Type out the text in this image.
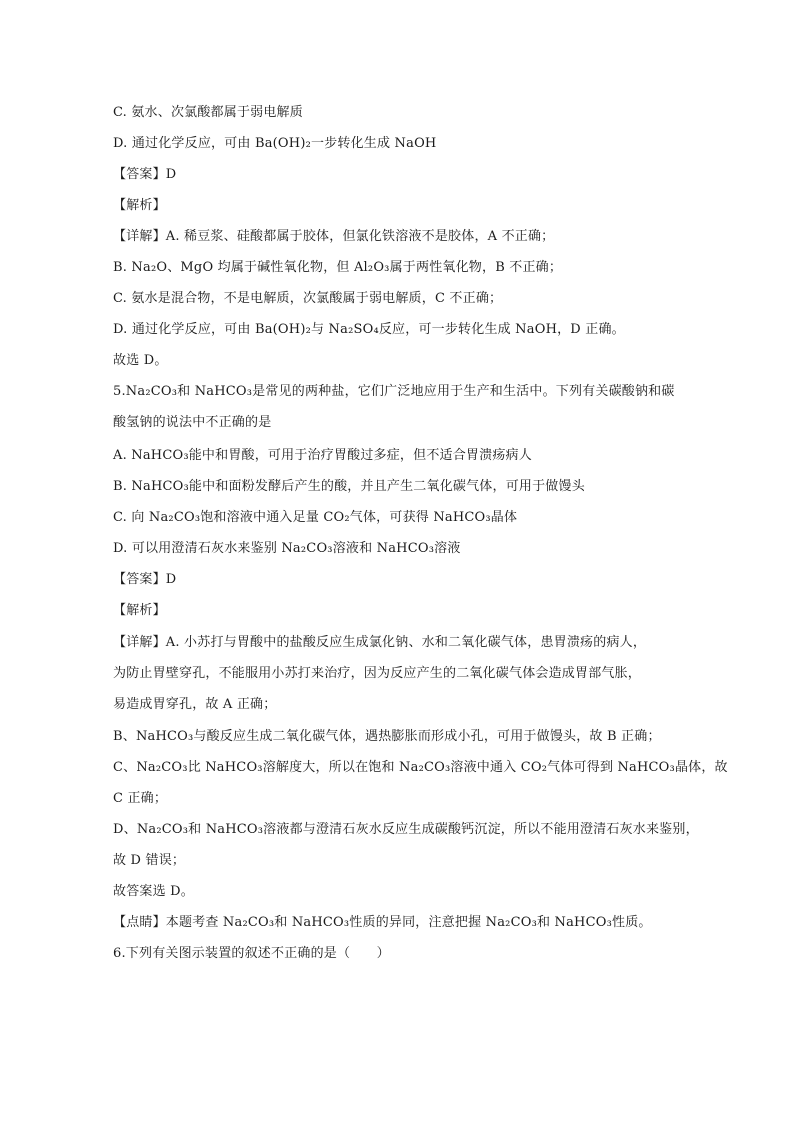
C. 氨水、次氯酸都属于弱电解质
D. 通过化学反应，可由 Ba(OH)₂一步转化生成 NaOH
【答案】D
【解析】
【详解】A. 稀豆浆、硅酸都属于胶体，但氯化铁溶液不是胶体，A 不正确；
B. Na₂O、MgO 均属于碱性氧化物，但 Al₂O₃属于两性氧化物，B 不正确；
C. 氨水是混合物，不是电解质，次氯酸属于弱电解质，C 不正确；
D. 通过化学反应，可由 Ba(OH)₂与 Na₂SO₄反应，可一步转化生成 NaOH，D 正确。
故选 D。
5.Na₂CO₃和 NaHCO₃是常见的两种盐，它们广泛地应用于生产和生活中。下列有关碳酸钠和碳
酸氢钠的说法中不正确的是
A. NaHCO₃能中和胃酸，可用于治疗胃酸过多症，但不适合胃溃疡病人
B. NaHCO₃能中和面粉发酵后产生的酸，并且产生二氧化碳气体，可用于做馒头
C. 向 Na₂CO₃饱和溶液中通入足量 CO₂气体，可获得 NaHCO₃晶体
D. 可以用澄清石灰水来鉴别 Na₂CO₃溶液和 NaHCO₃溶液
【答案】D
【解析】
【详解】A. 小苏打与胃酸中的盐酸反应生成氯化钠、水和二氧化碳气体，患胃溃疡的病人，
为防止胃壁穿孔，不能服用小苏打来治疗，因为反应产生的二氧化碳气体会造成胃部气胀，
易造成胃穿孔，故 A 正确；
B、NaHCO₃与酸反应生成二氧化碳气体，遇热膨胀而形成小孔，可用于做馒头，故 B 正确；
C、Na₂CO₃比 NaHCO₃溶解度大，所以在饱和 Na₂CO₃溶液中通入 CO₂气体可得到 NaHCO₃晶体，故
C 正确；
D、Na₂CO₃和 NaHCO₃溶液都与澄清石灰水反应生成碳酸钙沉淀，所以不能用澄清石灰水来鉴别，
故 D 错误；
故答案选 D。
【点睛】本题考查 Na₂CO₃和 NaHCO₃性质的异同，注意把握 Na₂CO₃和 NaHCO₃性质。
6.下列有关图示装置的叙述不正确的是（　　）
